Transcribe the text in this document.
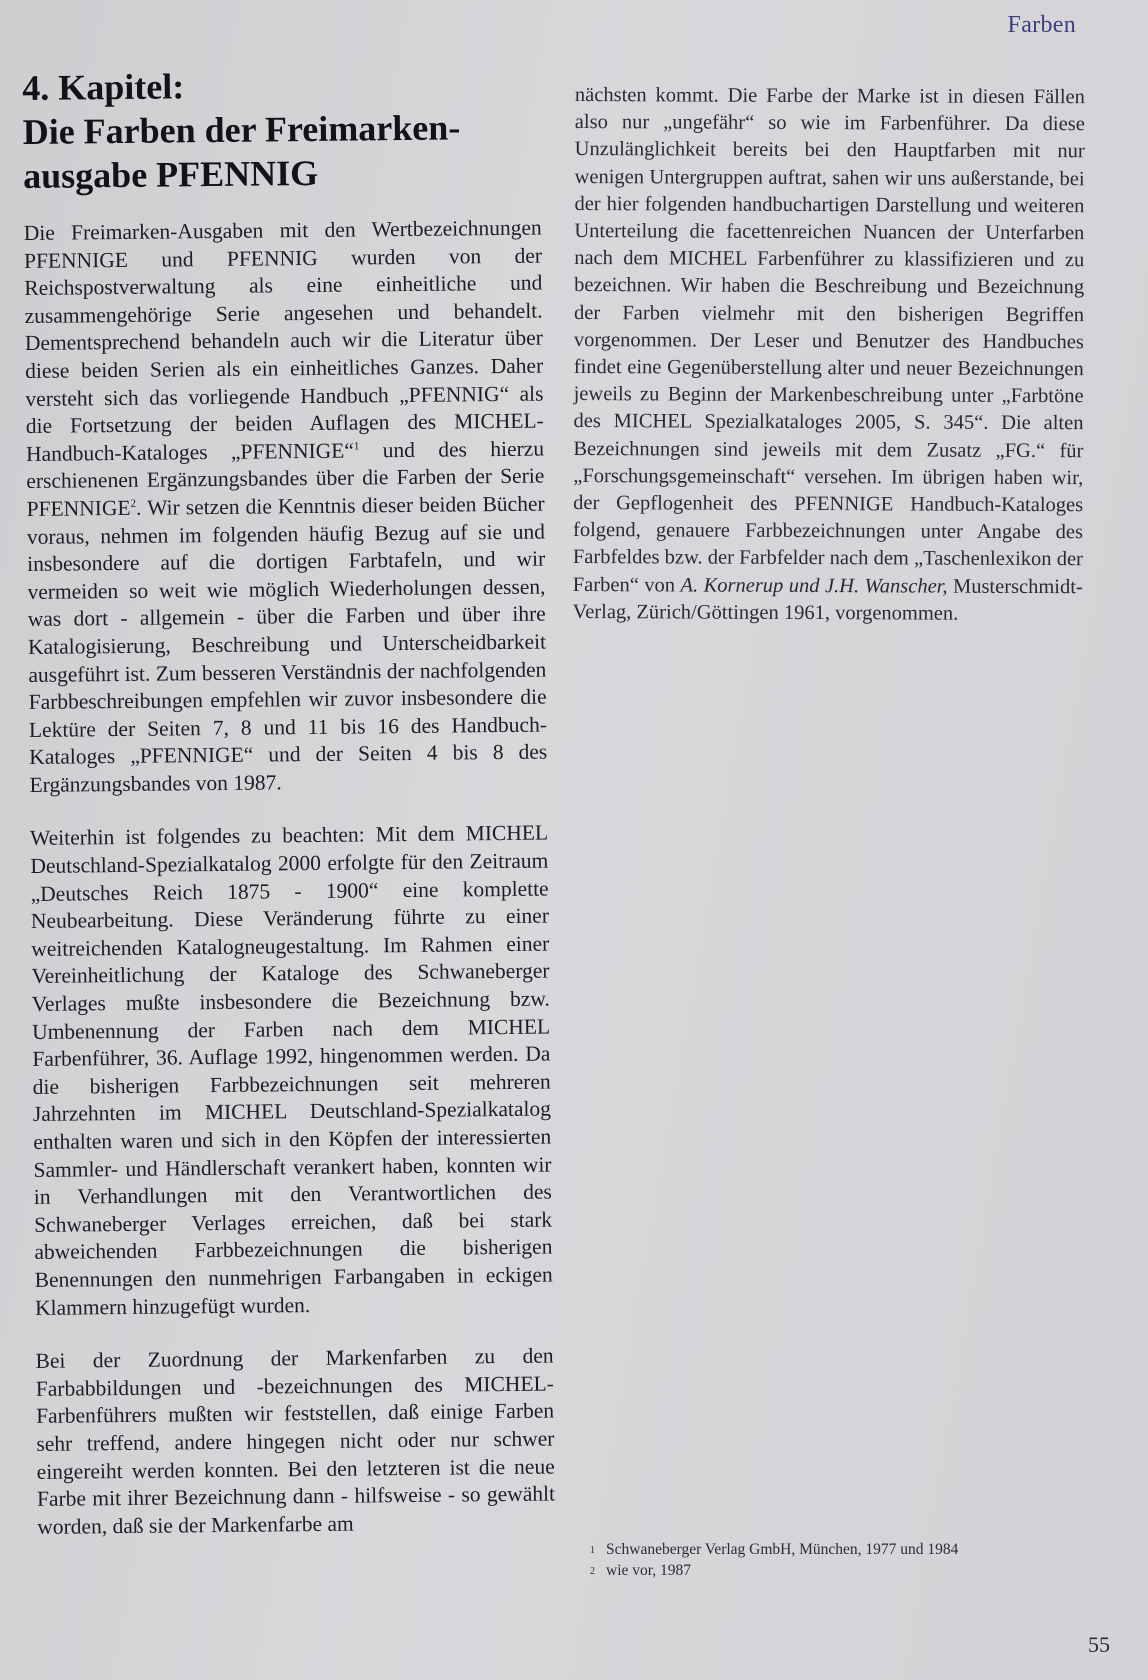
Farben
4. Kapitel:
Die Farben der Freimarken-
ausgabe PFENNIG

Die Freimarken-Ausgaben mit den Wertbezeichnungen PFENNIGE und PFENNIG wurden von der Reichspostverwaltung als eine einheitliche und zusammengehörige Serie angesehen und behandelt. Dementsprechend behandeln auch wir die Literatur über diese beiden Serien als ein einheitliches Ganzes. Daher versteht sich das vorliegende Handbuch „PFENNIG“ als die Fortsetzung der beiden Auflagen des MICHEL-Handbuch-Kataloges „PFENNIGE“$^1$ und des hierzu erschienenen Ergänzungsbandes über die Farben der Serie PFENNIGE$^2$. Wir setzen die Kenntnis dieser beiden Bücher voraus, nehmen im folgenden häufig Bezug auf sie und insbesondere auf die dortigen Farbtafeln, und wir vermeiden so weit wie möglich Wiederholungen dessen, was dort - allgemein - über die Farben und über ihre Katalogisierung, Beschreibung und Unterscheidbarkeit ausgeführt ist. Zum besseren Verständnis der nachfolgenden Farbbeschreibungen empfehlen wir zuvor insbesondere die Lektüre der Seiten 7, 8 und 11 bis 16 des Handbuch-Kataloges „PFENNIGE“ und der Seiten 4 bis 8 des Ergänzungsbandes von 1987.

Weiterhin ist folgendes zu beachten: Mit dem MICHEL Deutschland-Spezialkatalog 2000 erfolgte für den Zeitraum „Deutsches Reich 1875 - 1900“ eine komplette Neubearbeitung. Diese Veränderung führte zu einer weitreichenden Katalogneugestaltung. Im Rahmen einer Vereinheitlichung der Kataloge des Schwaneberger Verlages mußte insbesondere die Bezeichnung bzw. Umbenennung der Farben nach dem MICHEL Farbenführer, 36. Auflage 1992, hingenommen werden. Da die bisherigen Farbbezeichnungen seit mehreren Jahrzehnten im MICHEL Deutschland-Spezialkatalog enthalten waren und sich in den Köpfen der interessierten Sammler- und Händlerschaft verankert haben, konnten wir in Verhandlungen mit den Verantwortlichen des Schwaneberger Verlages erreichen, daß bei stark abweichenden Farbbezeichnungen die bisherigen Benennungen den nunmehrigen Farbangaben in eckigen Klammern hinzugefügt wurden.

Bei der Zuordnung der Markenfarben zu den Farbabbildungen und -bezeichnungen des MICHEL-Farbenführers mußten wir feststellen, daß einige Farben sehr treffend, andere hingegen nicht oder nur schwer eingereiht werden konnten. Bei den letzteren ist die neue Farbe mit ihrer Bezeichnung dann - hilfsweise - so gewählt worden, daß sie der Markenfarbe am

nächsten kommt. Die Farbe der Marke ist in diesen Fällen also nur „ungefähr“ so wie im Farbenführer. Da diese Unzulänglichkeit bereits bei den Hauptfarben mit nur wenigen Untergruppen auftrat, sahen wir uns außerstande, bei der hier folgenden handbuchartigen Darstellung und weiteren Unterteilung die facettenreichen Nuancen der Unterfarben nach dem MICHEL Farbenführer zu klassifizieren und zu bezeichnen. Wir haben die Beschreibung und Bezeichnung der Farben vielmehr mit den bisherigen Begriffen vorgenommen. Der Leser und Benutzer des Handbuches findet eine Gegenüberstellung alter und neuer Bezeichnungen jeweils zu Beginn der Markenbeschreibung unter „Farbtöne des MICHEL Spezialkataloges 2005, S. 345“. Die alten Bezeichnungen sind jeweils mit dem Zusatz „FG.“ für „Forschungsgemeinschaft“ versehen. Im übrigen haben wir, der Gepflogenheit des PFENNIGE Handbuch-Kataloges folgend, genauere Farbbezeichnungen unter Angabe des Farbfeldes bzw. der Farbfelder nach dem „Taschenlexikon der Farben“ von A. Kornerup und J.H. Wanscher, Musterschmidt-Verlag, Zürich/Göttingen 1961, vorgenommen.

1 Schwaneberger Verlag GmbH, München, 1977 und 1984
2 wie vor, 1987
55
